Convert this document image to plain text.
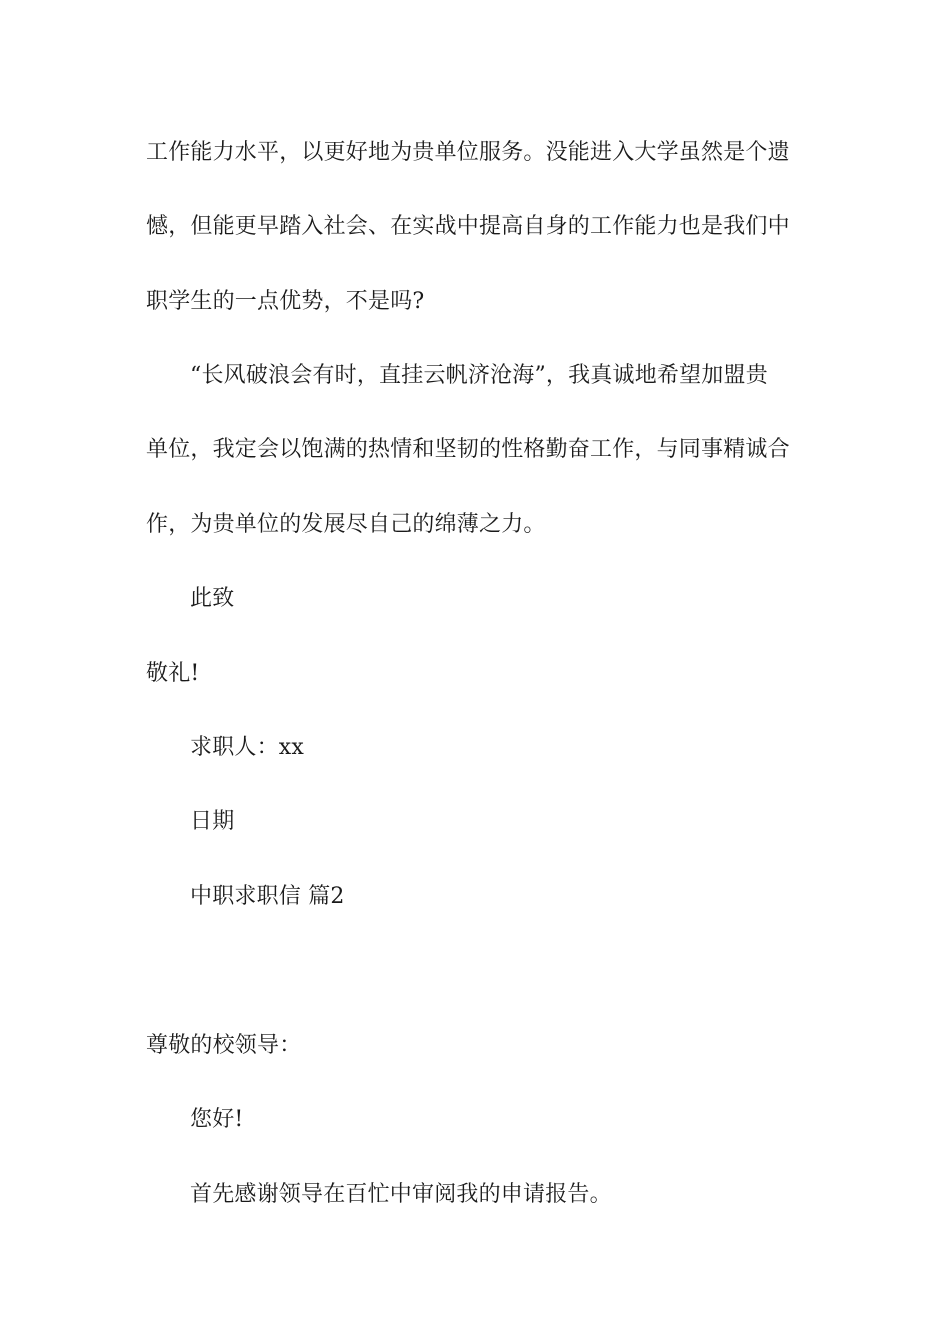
工作能力水平，以更好地为贵单位服务。没能进入大学虽然是个遗
憾，但能更早踏入社会、在实战中提高自身的工作能力也是我们中
职学生的一点优势，不是吗?
“长风破浪会有时，直挂云帆济沧海”，我真诚地希望加盟贵
单位，我定会以饱满的热情和坚韧的性格勤奋工作，与同事精诚合
作，为贵单位的发展尽自己的绵薄之力。
此致
敬礼!
求职人：xx
日期
中职求职信 篇2
尊敬的校领导：
您好!
首先感谢领导在百忙中审阅我的申请报告。
